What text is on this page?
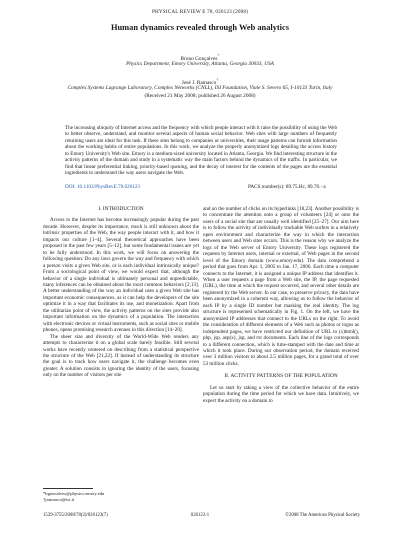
PHYSICAL REVIEW E 78, 026123 (2008)
Human dynamics revealed through Web analytics
Bruno Gonçalves*
Physics Department, Emory University, Atlanta, Georgia 30033, USA
José J. Ramasco†
Complex Systems Lagrange Laboratory, Complex Networks (CNLL), ISI Foundation, Viale S. Severo 65, I-10133 Turin, Italy
(Received 21 May 2008; published 26 August 2008)

The increasing ubiquity of Internet access and the frequency with which people interact with it raise the possibility of using the Web to better observe, understand, and monitor several aspects of human social behavior. Web sites with large numbers of frequently returning users are ideal for this task. If these sites belong to companies or universities, their usage patterns can furnish information about the working habits of entire populations. In this work, we analyze the properly anonymized logs detailing the access history to Emory University's Web site. Emory is a medium-sized university located in Atlanta, Georgia. We find interesting structure in the activity patterns of the domain and study in a systematic way the main factors behind the dynamics of the traffic. In particular, we find that linear preferential linking, priority-based queuing, and the decay of interest for the contents of the pages are the essential ingredients to understand the way users navigate the Web.

DOI: 10.1103/PhysRevE.78.026123	PACS number(s): 89.75.Hc, 89.70.−a
I. INTRODUCTION

Access to the Internet has become increasingly popular during the past decade. However, despite its importance, much is still unknown about the intrinsic properties of the Web, the way people interact with it, and how it impacts our culture [1–4]. Several theoretical approaches have been proposed in the past few years [5–12], but some fundamental issues are yet to be fully understood. In this work, we will focus on answering the following question: Do any laws govern the way and frequency with which a person visits a given Web site, or is each individual intrinsically unique? From a sociological point of view, we would expect that, although the behavior of a single individual is ultimately personal and unpredictable, many inferences can be obtained about the most common behaviors [2,13]. A better understanding of the way an individual uses a given Web site has important economic consequences, as it can help the developers of the site optimize it in a way that facilitates its use, and monetization. Apart from the utilitarian point of view, the activity patterns on the sites provide also important information on the dynamics of a population. The interaction with electronic devices or virtual instruments, such as social sites or mobile phones, opens promising research avenues in this direction [14–20].

The sheer size and diversity of the World-Wide Web renders any attempts to characterize it on a global scale barely feasible. Still several works have recently centered on describing from a statistical perspective the structure of the Web [21,22]. If instead of understanding its structure the goal is to track how users navigate it, the challenge becomes even greater. A solution consists in ignoring the identity of the users, focusing only on the number of visitors per site

and on the number of clicks on its hyperlinks [18,23]. Another possibility is to concentrate the attention onto a group of volunteers [24] or onto the users of a social site that are usually well identified [25–27]. Our aim here is to follow the activity of individually trackable Web surfers in a relatively open environment and characterize the way in which the interaction between users and Web sites occurs. This is the reason why we analyze the logs of the Web server of Emory University. These logs registered the requests by Internet users, internal or external, of Web pages in the second level of the Emory domain (www.emory.edu). The data comprehend a period that goes from Apr. 1, 2005 to Jan. 17, 2006. Each time a computer connects to the Internet, it is assigned a unique IP address that identifies it. When a user requests a page from a Web site, the IP, the page requested (URL), the time at which the request occurred, and several other details are registered by the Web server. In our case, to preserve privacy, the data have been anonymized in a coherent way, allowing us to follow the behavior of each IP by a single ID number but masking the real identity. The log structure is represented schematically in Fig. 1. On the left, we have the anonymized IP addresses that connect to the URLs on the right. To avoid the consideration of different elements of a Web such as photos or logos as independent pages, we have restricted our definition of URL to (x)html(), php, jsp, asp(x), jsp, and txt documents. Each line of the logs corresponds to a different connection, which is time-stamped with the date and time at which it took place. During our observation period, the domain received over 3 million visitors to about 2.5 million pages, for a grand total of over 53 million clicks.

II. ACTIVITY PATTERNS OF THE POPULATION

Let us start by taking a view of the collective behavior of the entire population during the time period for which we have data. Intuitively, we expect the activity on a domain to

*bgoncalves@physics.emory.edu
†jramasco@isi.it
1539-3755/2008/78(2)/026123(7)	026123-1	©2008 The American Physical Society
